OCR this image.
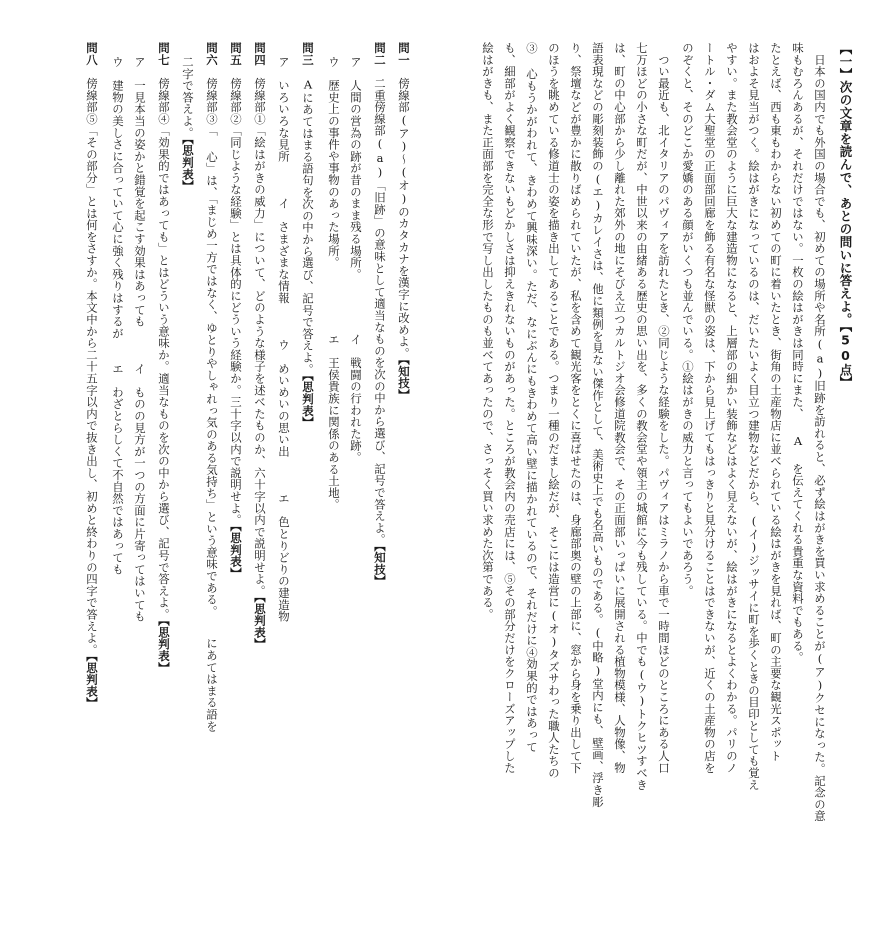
【一】次の文章を読んで、あとの問いに答えよ。【50点】
　日本の国内でも外国の場合でも、初めての場所や名所(a)旧跡を訪れると、必ず絵はがきを買い求めることが(ア)クセになった。記念の意
味もむろんあるが、それだけではない。一枚の絵はがきは同時にまた、 A を伝えてくれる貴重な資料でもある。
たとえば、西も東もわからない初めての町に着いたとき、街角の土産物店に並べられている絵はがきを見れば、町の主要な観光スポット
はおよそ見当がつく。絵はがきになっているのは、だいたいよく目立つ建物などだから、(イ)ジッサイに町を歩くときの目印としても覚え
やすい。また教会堂のように巨大な建造物になると、上層部の細かい装飾などはよく見えないが、絵はがきになるとよくわかる。パリのノ
ートル・ダム大聖堂の正面部回廊を飾る有名な怪獣の姿は、下から見上げてもはっきりと見分けることはできないが、近くの土産物の店を
のぞくと、そのどこか愛嬌のある顔がいくつも並んでいる。①絵はがきの威力と言ってもよいであろう。
　つい最近も、北イタリアのパヴィアを訪れたとき、②同じような経験をした。パヴィアはミラノから車で一時間ほどのところにある人口
七万ほどの小さな町だが、中世以来の由緒ある歴史の思い出を、多くの教会堂や領主の城館に今も残している。中でも(ウ)トクヒツすべき
は、町の中心部から少し離れた郊外の地にそびえ立つカルトジオ会修道院教会で、その正面部いっぱいに展開される植物模様、人物像、物
語表現などの彫刻装飾の(エ)カレイさは、他に類例を見ない傑作として、美術史上でも名高いものである。(中略)堂内にも、壁画、浮き彫
り、祭壇などが豊かに散りばめられていたが、私を含めて観光客をとくに喜ばせたのは、身廊部奥の壁の上部に、窓から身を乗り出して下
のほうを眺めている修道士の姿を描き出してあることである。つまり一種のだまし絵だが、そこには造営に(オ)タズサわった職人たちの
③ 心もうかがわれて、きわめて興味深い。ただ、なにぶんにもきわめて高い壁に描かれているので、それだけに④効果的ではあって
も、細部がよく観察できないもどかしさは抑えきれないものがあった。ところが教会内の売店には、⑤その部分だけをクローズアップした
絵はがきも、また正面部を完全な形で写し出したものも並べてあったので、さっそく買い求めた次第である。
問一　傍線部(ア)〜(オ)のカタカナを漢字に改めよ。【知技】
問二　二重傍線部(a)「旧跡」の意味として適当なものを次の中から選び、記号で答えよ。【知技】
ア　人間の営為の跡が昔のまま残る場所。　　　　　イ　戦闘の行われた跡。
ウ　歴史上の事件や事物のあった場所。　　　　　　エ　王侯貴族に関係のある土地。
問三　Aにあてはまる語句を次の中から選び、記号で答えよ。【思判表】
ア　いろいろな見所　　　イ　さまざまな情報　　　ウ　めいめいの思い出　　　エ　色とりどりの建造物
問四　傍線部①「絵はがきの威力」について、どのような様子を述べたものか、六十字以内で説明せよ。【思判表】
問五　傍線部②「同じような経験」とは具体的にどういう経験か。三十字以内で説明せよ。【思判表】
問六　傍線部③「 心」は、「まじめ一方ではなく、ゆとりやしゃれっ気のある気持ち」という意味である。　 にあてはまる語を
二字で答えよ。【思判表】
問七　傍線部④「効果的ではあっても」とはどういう意味か。適当なものを次の中から選び、記号で答えよ。【思判表】
ア　一見本当の姿かと錯覚を起こす効果はあっても　　　イ　ものの見方が一つの方面に片寄ってはいても
ウ　建物の美しさに合っていて心に強く残りはするが　　エ　わざとらしくて不自然ではあっても
問八　傍線部⑤「その部分」とは何をさすか。本文中から二十五字以内で抜き出し、初めと終わりの四字で答えよ。【思判表】
